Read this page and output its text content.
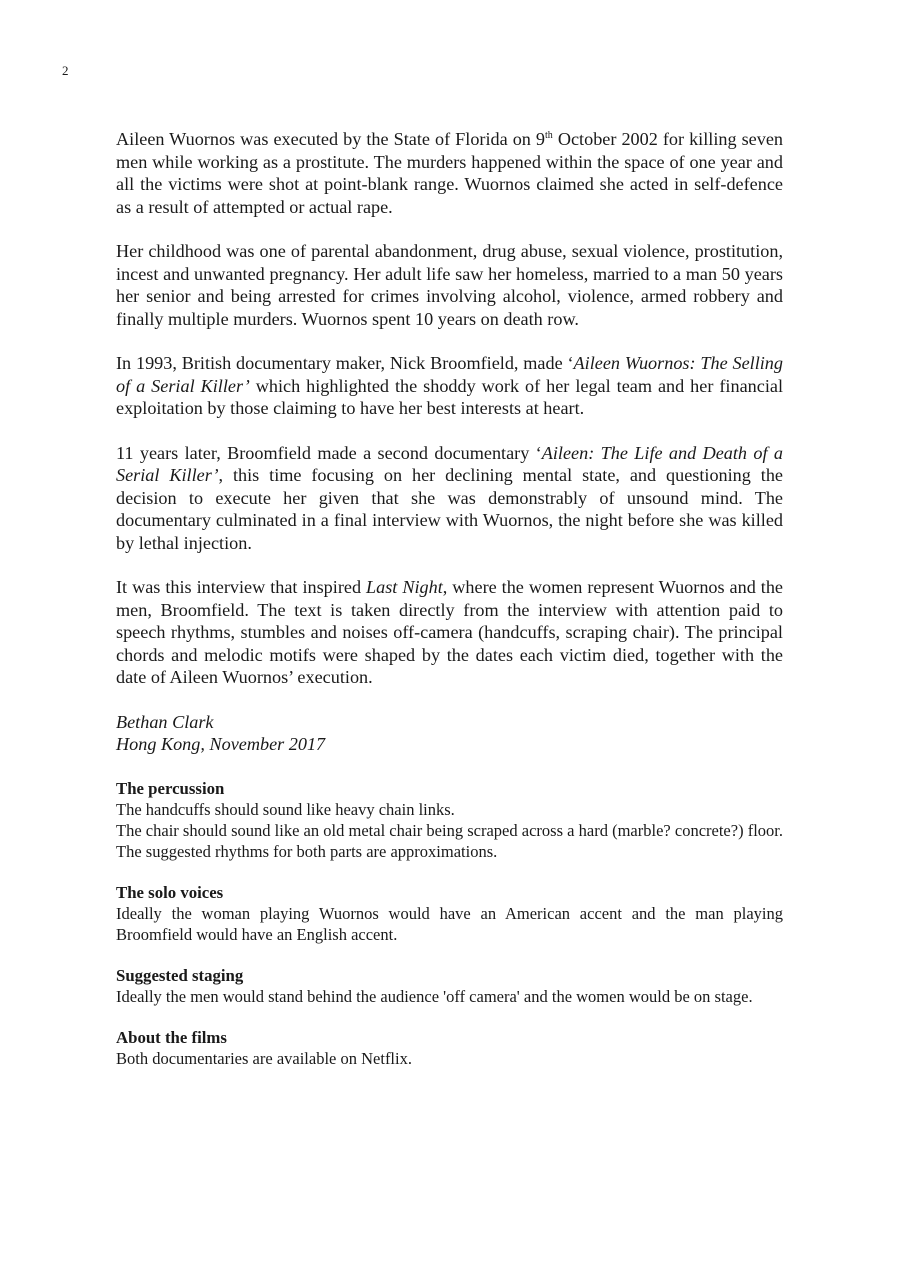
2

Aileen Wuornos was executed by the State of Florida on 9th October 2002 for killing seven men while working as a prostitute. The murders happened within the space of one year and all the victims were shot at point-blank range. Wuornos claimed she acted in self-defence as a result of attempted or actual rape.

Her childhood was one of parental abandonment, drug abuse, sexual violence, prostitution, incest and unwanted pregnancy. Her adult life saw her homeless, married to a man 50 years her senior and being arrested for crimes involving alcohol, violence, armed robbery and finally multiple murders. Wuornos spent 10 years on death row.

In 1993, British documentary maker, Nick Broomfield, made ‘Aileen Wuornos: The Selling of a Serial Killer’ which highlighted the shoddy work of her legal team and her financial exploitation by those claiming to have her best interests at heart.

11 years later, Broomfield made a second documentary ‘Aileen: The Life and Death of a Serial Killer’, this time focusing on her declining mental state, and questioning the decision to execute her given that she was demonstrably of unsound mind. The documentary culminated in a final interview with Wuornos, the night before she was killed by lethal injection.

It was this interview that inspired Last Night, where the women represent Wuornos and the men, Broomfield. The text is taken directly from the interview with attention paid to speech rhythms, stumbles and noises off-camera (handcuffs, scraping chair). The principal chords and melodic motifs were shaped by the dates each victim died, together with the date of Aileen Wuornos’ execution.

Bethan Clark
Hong Kong, November 2017
The percussion

The handcuffs should sound like heavy chain links.

The chair should sound like an old metal chair being scraped across a hard (marble? concrete?) floor. The suggested rhythms for both parts are approximations.

The solo voices

Ideally the woman playing Wuornos would have an American accent and the man playing Broomfield would have an English accent.

Suggested staging

Ideally the men would stand behind the audience 'off camera' and the women would be on stage.

About the films

Both documentaries are available on Netflix.
